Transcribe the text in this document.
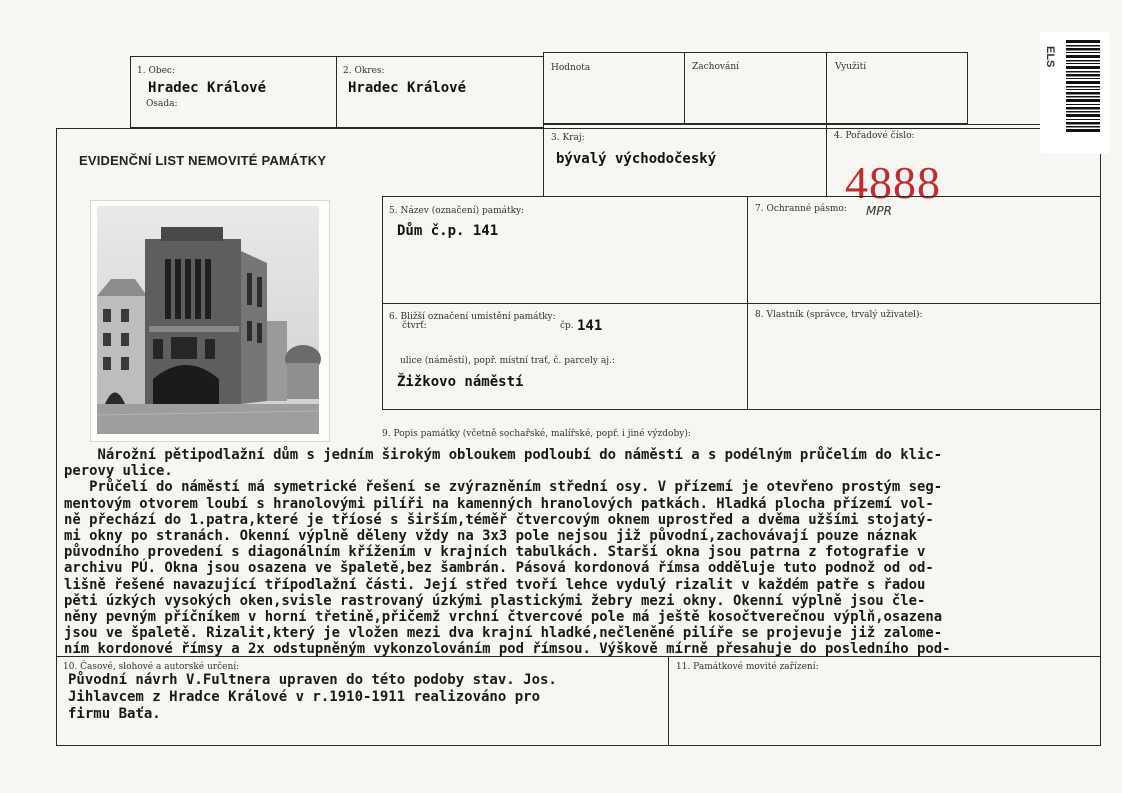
1. Obec:
Hradec Králové
Osada:
2. Okres:
Hradec Králové
Hodnota	Zachování	Využití
EVIDENČNÍ LIST NEMOVITÉ PAMÁTKY
3. Kraj:
bývalý východočeský
4. Pořadové číslo:
4888
5. Název (označení) památky:
Dům č.p. 141
7. Ochranné pásmo: MPR
6. Bližší označení umístění památky:
čtvrť:	čp. 141
ulice (náměstí), popř. místní trať, č. parcely aj.:
Žižkovo náměstí
8. Vlastník (správce, trvalý uživatel):
9. Popis památky (včetně sochařské, malířské, popř. i jiné výzdoby):
Nárožní pětipodlažní dům s jedním širokým obloukem podloubí do náměstí a s podélným průčelím do klic-
perovy ulice.
Průčelí do náměstí má symetrické řešení se zvýrazněním střední osy. V přízemí je otevřeno prostým seg-
mentovým otvorem loubí s hranolovými pilíři na kamenných hranolových patkách. Hladká plocha přízemí vol-
ně přechází do 1.patra,které je tříosé s širším,téměř čtvercovým oknem uprostřed a dvěma užšími stojatý-
mi okny po stranách. Okenní výplně děleny vždy na 3x3 pole nejsou již původní,zachovávají pouze náznak
původního provedení s diagonálním křížením v krajních tabulkách. Starší okna jsou patrna z fotografie v
archivu PÚ. Okna jsou osazena ve špaletě,bez šambrán. Pásová kordonová římsa odděluje tuto podnož od od-
lišně řešené navazující třípodlažní části. Její střed tvoří lehce vydulý rizalit v každém patře s řadou
pěti úzkých vysokých oken,svisle rastrovaný úzkými plastickými žebry mezi okny. Okenní výplně jsou čle-
něny pevným příčníkem v horní třetině,přičemž vrchní čtvercové pole má ještě kosočtverečnou výplň,osazena
jsou ve špaletě. Rizalit,který je vložen mezi dva krajní hladké,nečleněné pilíře se projevuje již zalome-
ním kordonové římsy a 2x odstupněným vykonzolováním pod římsou. Výškově mírně přesahuje do posledního pod-
10. Časové, slohové a autorské určení:
Původní návrh V.Fultnera upraven do této podoby stav. Jos.
Jihlavcem z Hradce Králové v r.1910-1911 realizováno pro
firmu Baťa.
11. Památkové movité zařízení:
ELS
